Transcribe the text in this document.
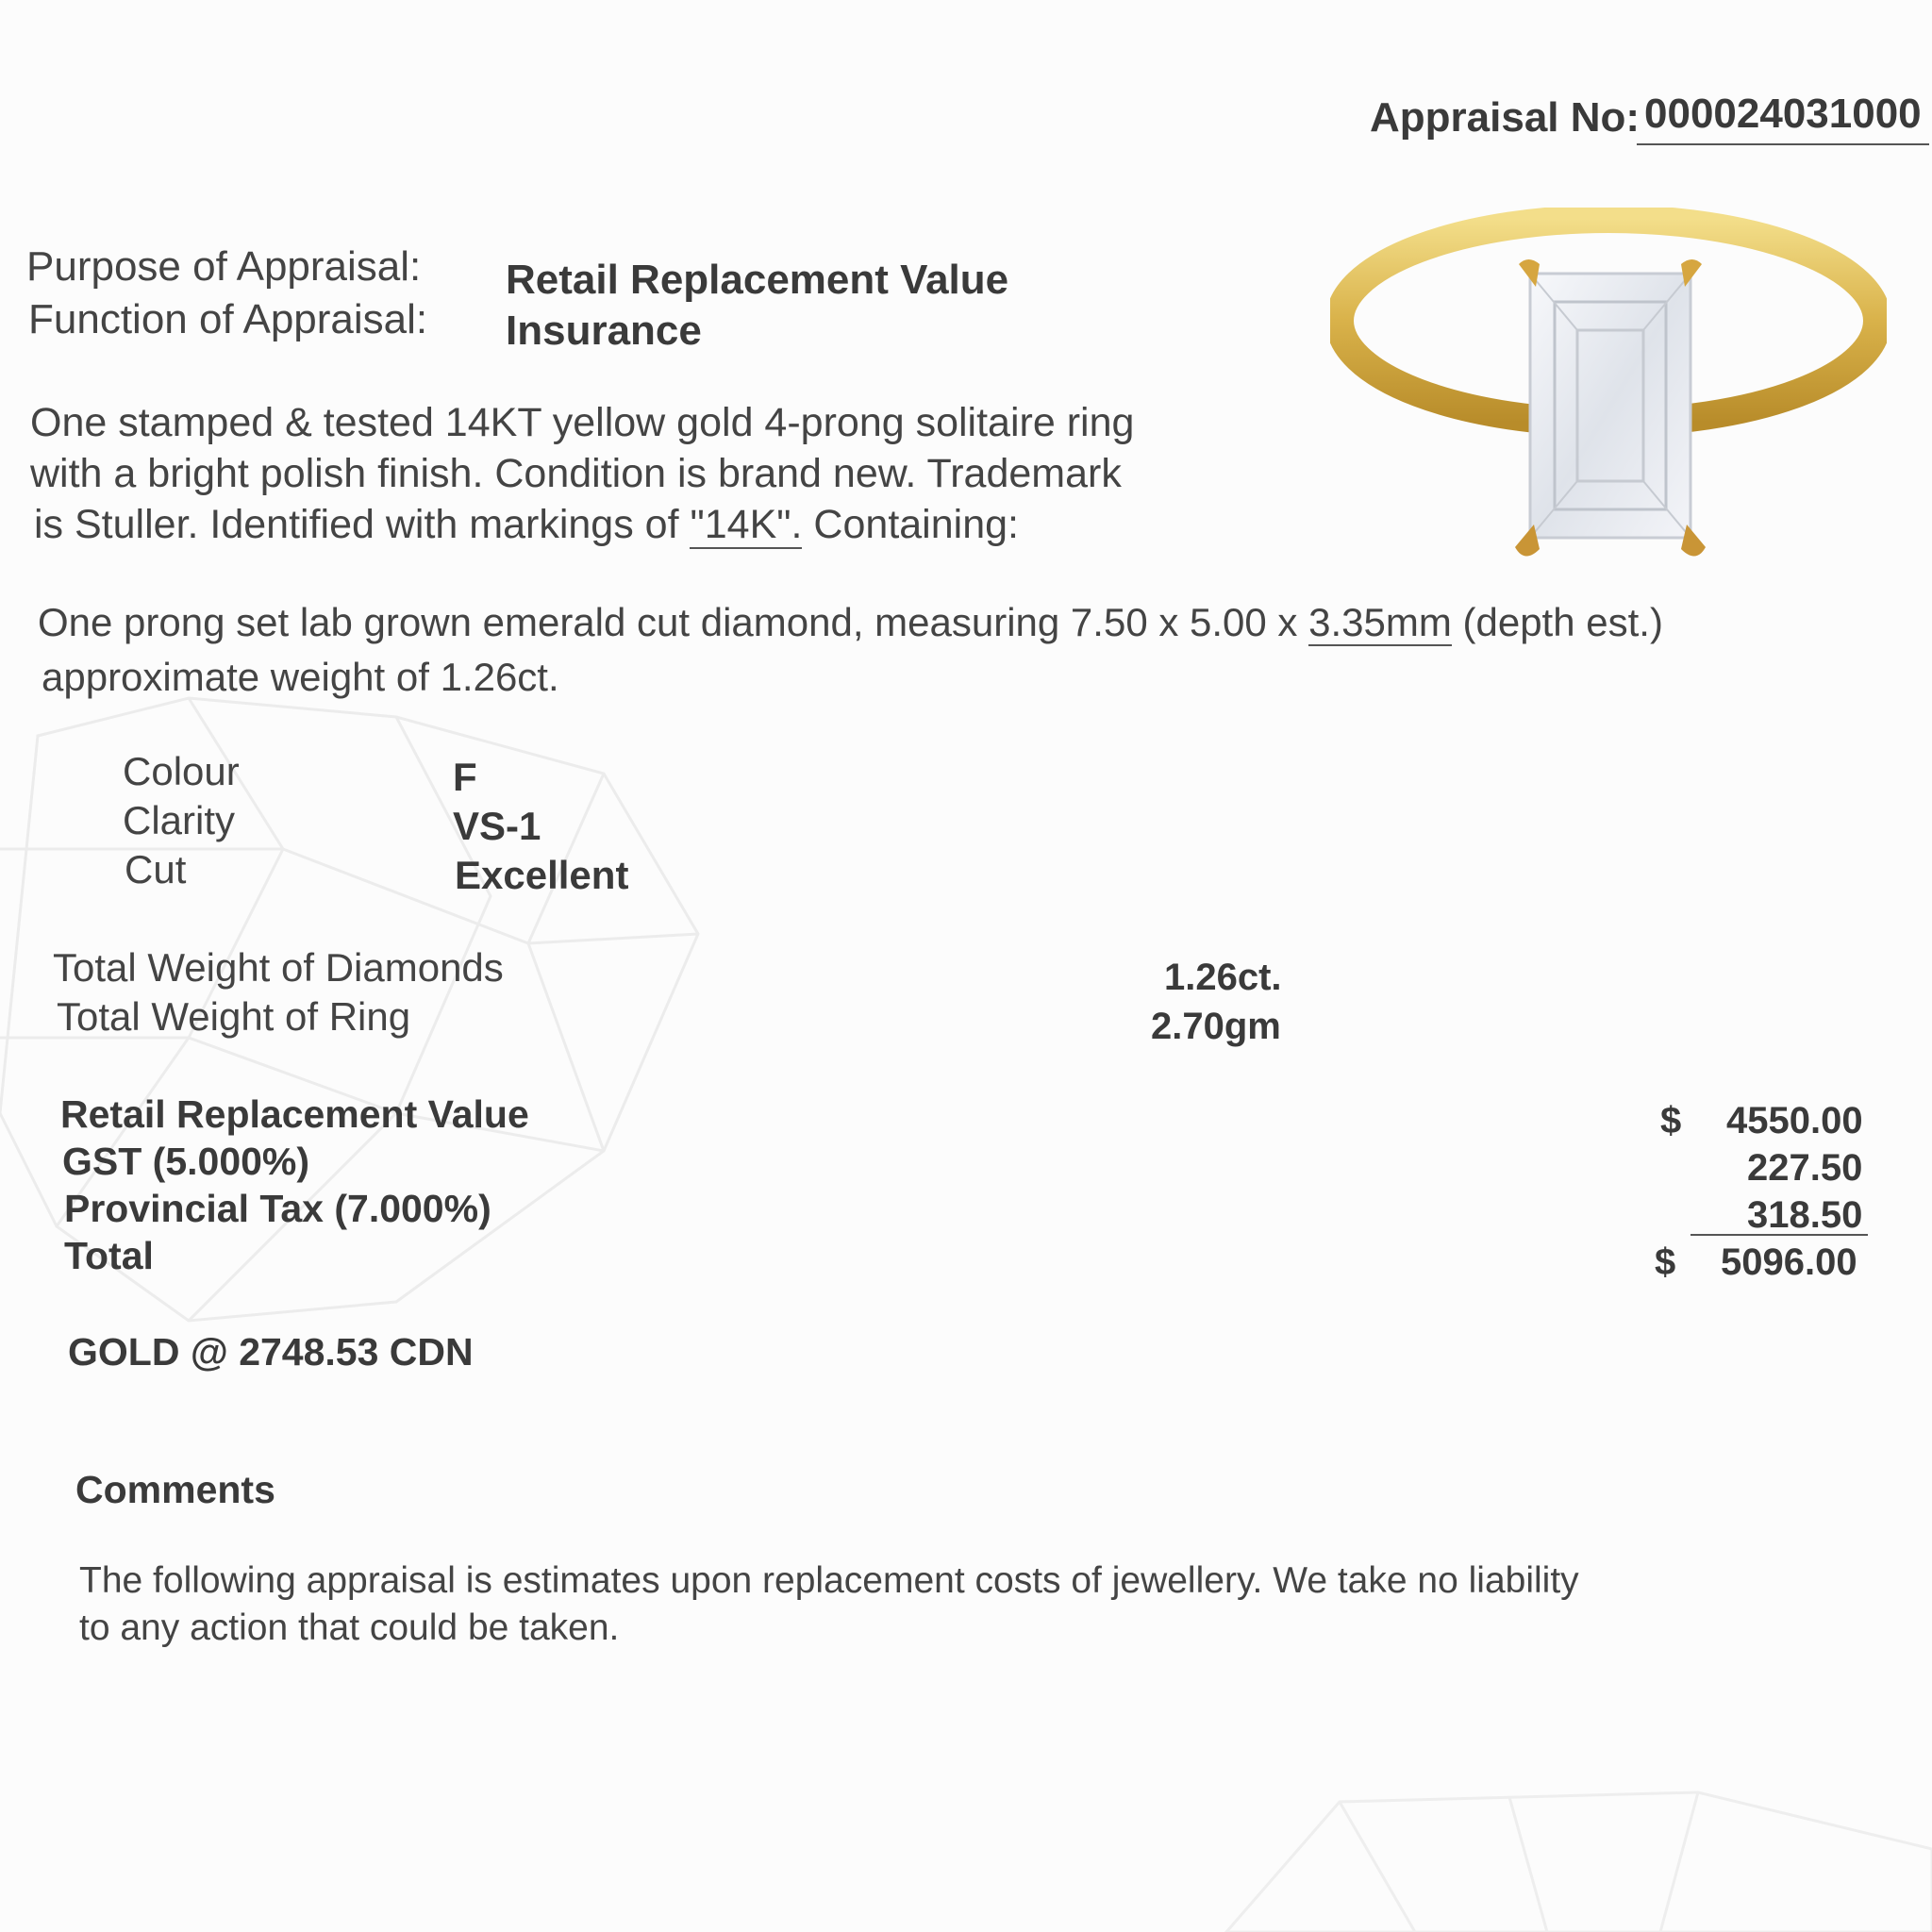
Appraisal No: 000024031000
Purpose of Appraisal: Retail Replacement Value
Function of Appraisal: Insurance
One stamped & tested 14KT yellow gold 4-prong solitaire ring
with a bright polish finish. Condition is brand new. Trademark
is Stuller. Identified with markings of "14K". Containing:
One prong set lab grown emerald cut diamond, measuring 7.50 x 5.00 x 3.35mm (depth est.)
approximate weight of 1.26ct.
Colour	F
Clarity	VS-1
Cut	Excellent
Total Weight of Diamonds	1.26ct.
Total Weight of Ring	2.70gm
Retail Replacement Value	$ 4550.00
GST (5.000%)	227.50
Provincial Tax (7.000%)	318.50
Total	$ 5096.00
GOLD @ 2748.53 CDN
Comments
The following appraisal is estimates upon replacement costs of jewellery. We take no liability
to any action that could be taken.
